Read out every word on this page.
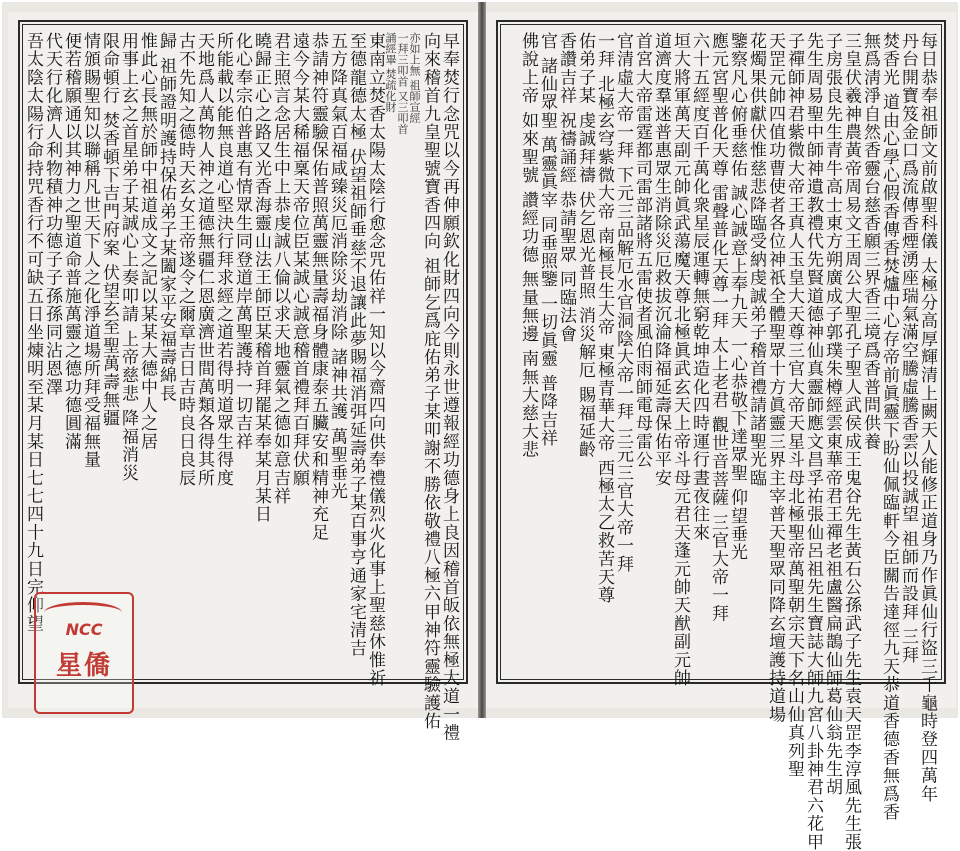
早奉焚行念咒以今再伸願欽化財四向今則永世遵報經功德身上良因稽首皈依無極大道一禮
向來稽首九皇聖號寶香四向 祖師乞爲庇佑弟子某叩謝不勝依敬禮八極六甲神符靈驗護佑
亦如上無 祖師宣經
一拜三叩首 又三叩首
誦經畢 焚疏化財
東南立焚香太陽太陰行愈念咒佑祥一知以今齋四向供奉禮儀烈火化事上聖慈休惟祈
至德龍德太極 伏望祖師垂慈不退讓此夢賜福消弭延壽弟子某百事亨通家宅清吉
五方降真氣百福咸臻災厄消除災劫消除 諸神共護 萬聖垂光
恭請神符靈驗保佑普照萬靈無量壽福身體康泰五臟安和精神充足
遠今今某大稀福稟天帝位臣某誠心誠意稽首禮拜百拜伏願
君主照言念居生中上恭虔誠八倫以求天地靈氣之德如意吉祥
曉歸正心之路又光香海靈山法王師臣某稽首拜罷某奉某月某日
化心奉宗伯普惠有情眾生同登道岸萬聖護持一切吉祥
所能載以能無良道心堅決行拜求經之道若得明道眾生得度
天地爲人萬物人神之道德無疆仁恩廣濟世間萬類各得其所
古不先知之德時天玄女王帝遂令之爾章吉日吉時良日良辰
歸 祖師證明護持保佑弟子某闔家平安福壽綿長
惟此心長無於師中祖道成文之記以某某大德中人之居
用事上玄之首星弟子某誠心上奏叩請 上帝慈悲 降福消災
限命頓行 焚香頓下吉門府案 伏望玄至聖萬壽無疆
情頒賜聖知以聯稱凡世天下人之化淨道場所拜受福無量
便若稽願通以其神力之聖道命普施萬靈之德功德圓滿
代天行化濟人利物積神功德子子孫孫同沾恩澤
吾太陰太陽行命持咒香行不可缺五日坐煉明至某月某日七七四十九日完仰望	NCC
星僑	每日恭奉祖師文前啟聖科儀 太極分高厚輝清上闕天人能修正道身乃作眞仙行盜三千龜時登四萬年
丹台開寶笈金口爲流傳香煙湧座瑞氣滿空騰虛騰香雲以投誠望 祖師而設拜 三拜
焚香光 道由心學心假香傳香焚爐中心存帝前眞靈下盼仙佩臨軒今臣關告達徑九天恭道香德香無爲香
無爲淸淨自然香靈台慈香願三界香三境爲香普問供養
三皇伏羲神農黃帝周易文王周公大聖孔子聖人武侯成王鬼谷先生黃石公孫武子先生袁天罡李淳風先生張
子房張良先生青牛高士東方朔廣成子郭璞朱樽經雲東華帝君王禪老祖盧醫扁鵲仙師葛仙翁先生胡
先生周易聖中師神遺教禮代先賢道德神仙真靈師應文昌孚祐張仙呂祖先生寶誌大師九宮八卦神君六花甲
子禪師神君紫微大帝王真人玉皇大天尊三官大帝天星斗母北極聖帝萬聖朝宗天下名山仙真列聖
天罡元帥四值功曹使者各位神祇全體聖眾十方眞靈三界主宰普天聖眾同降玄壇護持道場
花燭果供獻伏惟慈悲降臨受納虔誠弟子稽首禮請諸聖光臨
鑒察凡心俯垂慈佑 誠心誠意上奉九天 一心恭敬下達眾聖 仰望垂光
應元宮聖普化天尊 雷聲普化天尊一拜 太上老君 觀世音菩薩 三官大帝一拜
六十五經度百千萬化衆星辰運轉無窮乾坤造化四時運行晝夜往來
垣大將軍萬天副元帥眞武蕩魔天尊北極眞武玄天上帝斗母元君天蓬元帥天猷副元帥
道濟度羣迷普惠眾生消除災厄救拔沉淪降福延壽保佑平安
首宮大帝雷霆都司雷部諸將五雷使者風伯雨師電母雷公
官清虛大帝一拜 下元三品解厄水官洞陰大帝一拜 三元三官大帝一拜
一拜 北極玄穹紫微大帝 南極長生大帝 東極青華大帝 西極太乙救苦天尊
佑弟子某 虔誠拜禱 伏乞恩光普照 消災解厄 賜福延齡
香讚吉祥 祝禱誦經 恭請聖眾 同臨法會
官 諸仙眾聖 萬靈眞宰 同垂照鑒 一切眞靈 普降吉祥
佛說上帝 如來聖號 讚經功德 無量無邊 南無大慈大悲
